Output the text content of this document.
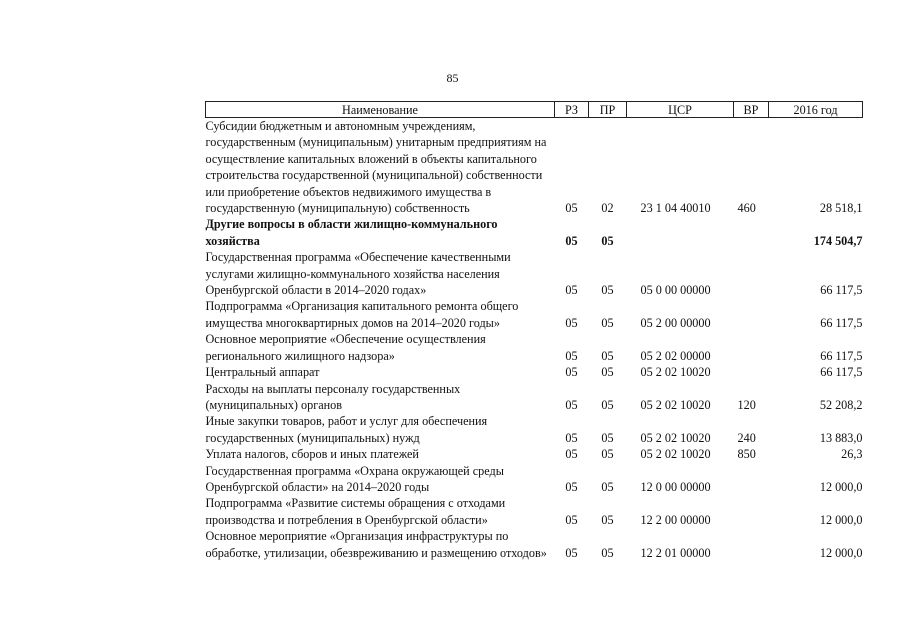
85
Наименование	РЗ	ПР	ЦСР	ВР	2016 год
Субсидии бюджетным и автономным учреждениям, государственным (муниципальным) унитарным предприятиям на осуществление капитальных вложений в объекты капитального строительства государственной (муниципальной) собственности или приобретение объектов недвижимого имущества в государственную (муниципальную) собственность	05	02	23 1 04 40010	460	28 518,1
Другие вопросы в области жилищно-коммунального хозяйства	05	05			174 504,7
Государственная программа «Обеспечение качественными услугами жилищно-коммунального хозяйства населения Оренбургской области в 2014–2020 годах»	05	05	05 0 00 00000		66 117,5
Подпрограмма «Организация капитального ремонта общего имущества многоквартирных домов на 2014–2020 годы»	05	05	05 2 00 00000		66 117,5
Основное мероприятие «Обеспечение осуществления регионального жилищного надзора»	05	05	05 2 02 00000		66 117,5
Центральный аппарат	05	05	05 2 02 10020		66 117,5
Расходы на выплаты персоналу государственных (муниципальных) органов	05	05	05 2 02 10020	120	52 208,2
Иные закупки товаров, работ и услуг для обеспечения государственных (муниципальных) нужд	05	05	05 2 02 10020	240	13 883,0
Уплата налогов, сборов и иных платежей	05	05	05 2 02 10020	850	26,3
Государственная программа «Охрана окружающей среды Оренбургской области» на 2014–2020 годы	05	05	12 0 00 00000		12 000,0
Подпрограмма «Развитие системы обращения с отходами производства и потребления в Оренбургской области»	05	05	12 2 00 00000		12 000,0
Основное мероприятие «Организация инфраструктуры по обработке, утилизации, обезвреживанию и размещению отходов»	05	05	12 2 01 00000		12 000,0
